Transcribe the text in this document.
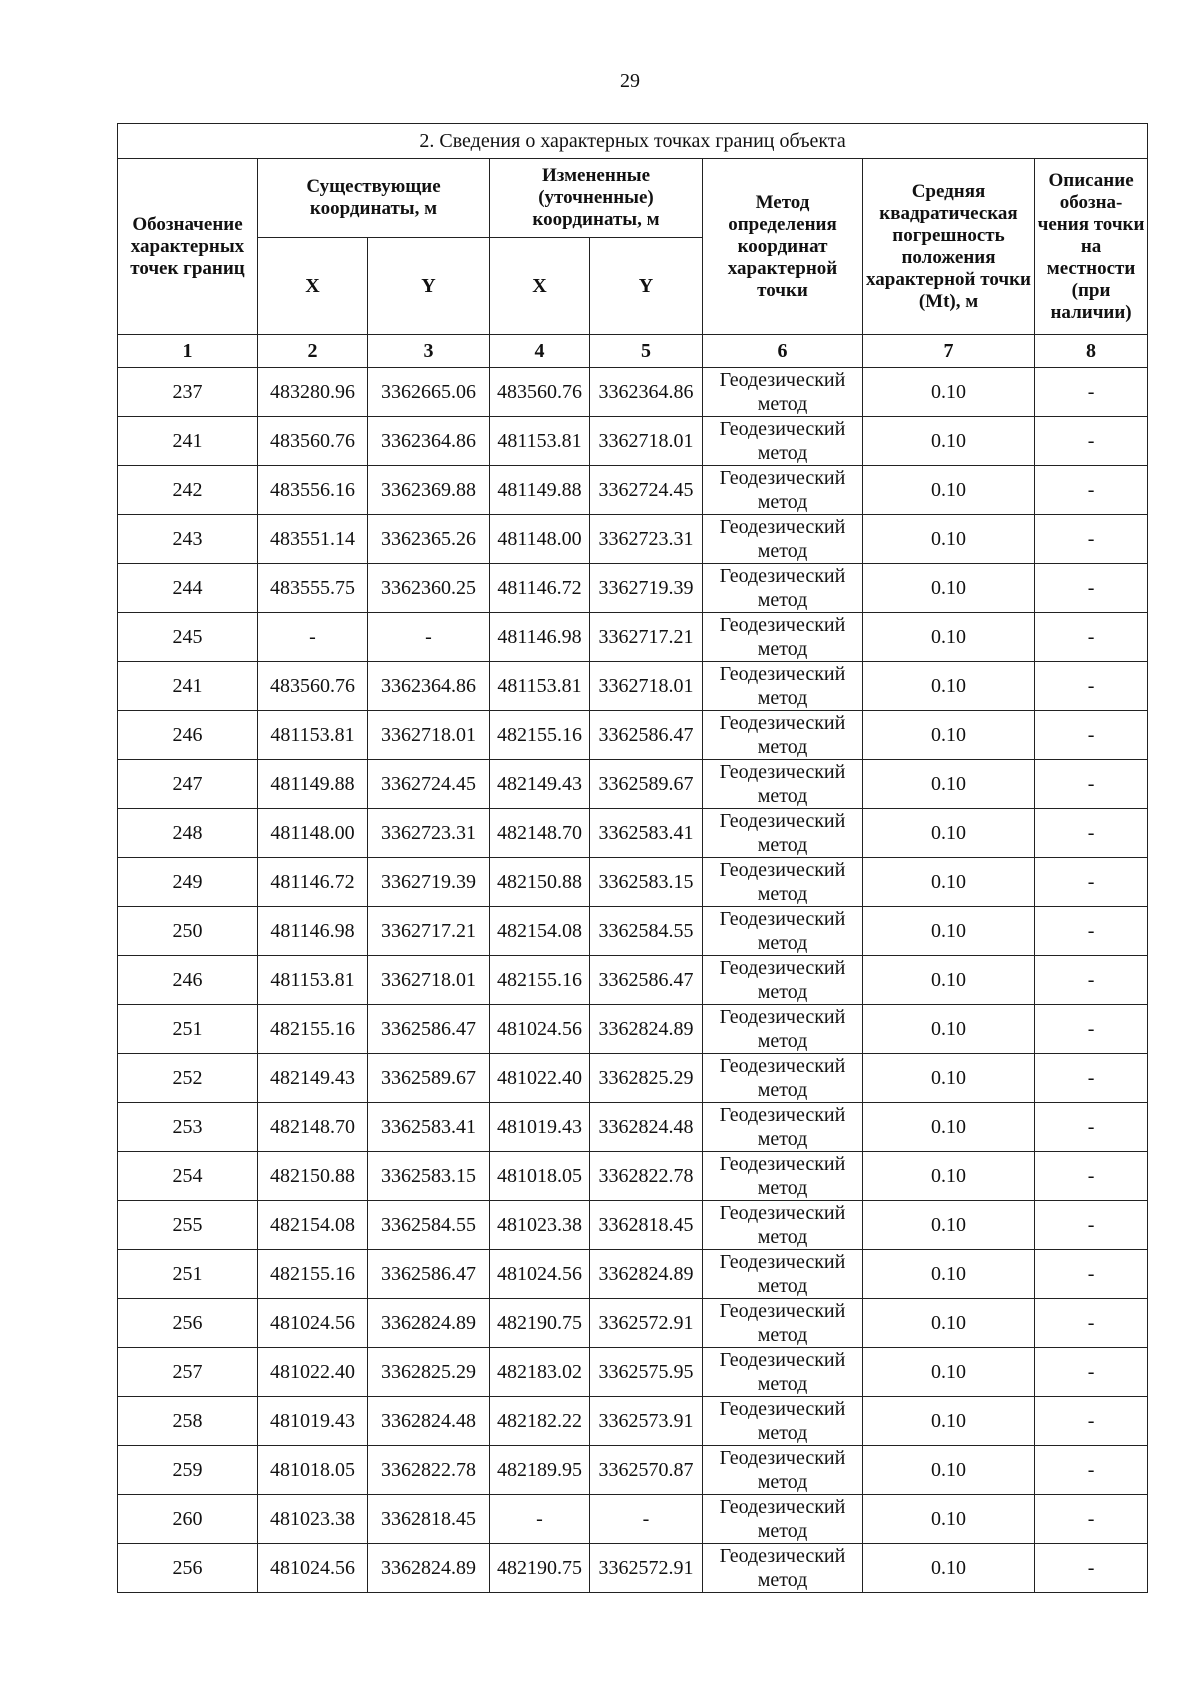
29
2. Сведения о характерных точках границ объекта							
Обозначение характерных точек границ	Существующие координаты, м		Измененные (уточненные) координаты, м		Метод определения координат характерной точки	Средняя квадратическая погрешность положения характерной точки (Mt), м	Описание обозна-чения точки на местности (при наличии)
	X	Y	X	Y			
1	2	3	4	5	6	7	8
237	483280.96	3362665.06	483560.76	3362364.86	Геодезический метод	0.10	-
241	483560.76	3362364.86	481153.81	3362718.01	Геодезический метод	0.10	-
242	483556.16	3362369.88	481149.88	3362724.45	Геодезический метод	0.10	-
243	483551.14	3362365.26	481148.00	3362723.31	Геодезический метод	0.10	-
244	483555.75	3362360.25	481146.72	3362719.39	Геодезический метод	0.10	-
245	-	-	481146.98	3362717.21	Геодезический метод	0.10	-
241	483560.76	3362364.86	481153.81	3362718.01	Геодезический метод	0.10	-
246	481153.81	3362718.01	482155.16	3362586.47	Геодезический метод	0.10	-
247	481149.88	3362724.45	482149.43	3362589.67	Геодезический метод	0.10	-
248	481148.00	3362723.31	482148.70	3362583.41	Геодезический метод	0.10	-
249	481146.72	3362719.39	482150.88	3362583.15	Геодезический метод	0.10	-
250	481146.98	3362717.21	482154.08	3362584.55	Геодезический метод	0.10	-
246	481153.81	3362718.01	482155.16	3362586.47	Геодезический метод	0.10	-
251	482155.16	3362586.47	481024.56	3362824.89	Геодезический метод	0.10	-
252	482149.43	3362589.67	481022.40	3362825.29	Геодезический метод	0.10	-
253	482148.70	3362583.41	481019.43	3362824.48	Геодезический метод	0.10	-
254	482150.88	3362583.15	481018.05	3362822.78	Геодезический метод	0.10	-
255	482154.08	3362584.55	481023.38	3362818.45	Геодезический метод	0.10	-
251	482155.16	3362586.47	481024.56	3362824.89	Геодезический метод	0.10	-
256	481024.56	3362824.89	482190.75	3362572.91	Геодезический метод	0.10	-
257	481022.40	3362825.29	482183.02	3362575.95	Геодезический метод	0.10	-
258	481019.43	3362824.48	482182.22	3362573.91	Геодезический метод	0.10	-
259	481018.05	3362822.78	482189.95	3362570.87	Геодезический метод	0.10	-
260	481023.38	3362818.45	-	-	Геодезический метод	0.10	-
256	481024.56	3362824.89	482190.75	3362572.91	Геодезический метод	0.10	-
